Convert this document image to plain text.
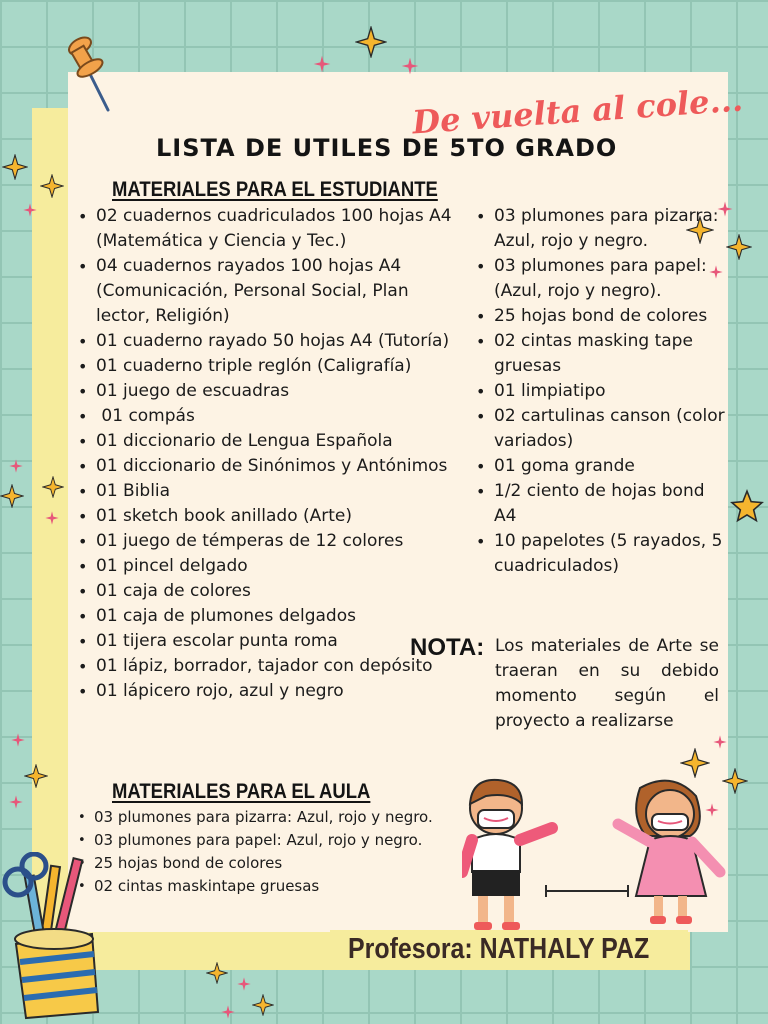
De vuelta al cole...
LISTA DE UTILES DE 5TO GRADO
MATERIALES PARA EL ESTUDIANTE
• 02 cuadernos cuadriculados 100 hojas A4 (Matemática y Ciencia y Tec.)
• 04 cuadernos rayados 100 hojas A4 (Comunicación, Personal Social, Plan lector, Religión)
• 01 cuaderno rayado 50 hojas A4 (Tutoría)
• 01 cuaderno triple reglón (Caligrafía)
• 01 juego de escuadras
•  01 compás
• 01 diccionario de Lengua Española
• 01 diccionario de Sinónimos y Antónimos
• 01 Biblia
• 01 sketch book anillado (Arte)
• 01 juego de témperas de 12 colores
• 01 pincel delgado
• 01 caja de colores
• 01 caja de plumones delgados
• 01 tijera escolar punta roma
• 01 lápiz, borrador, tajador con depósito
• 01 lápicero rojo, azul y negro
• 03 plumones para pizarra: Azul, rojo y negro.
• 03 plumones para papel: (Azul, rojo y negro).
• 25 hojas bond de colores
• 02 cintas masking tape gruesas
• 01 limpiatipo
• 02 cartulinas canson (color variados)
• 01 goma grande
• 1/2 ciento de hojas bond A4
• 10 papelotes (5 rayados, 5 cuadriculados)

NOTA: Los materiales de Arte se traeran en su debido momento según el proyecto a realizarse

MATERIALES PARA EL AULA
• 03 plumones para pizarra: Azul, rojo y negro.
• 03 plumones para papel: Azul, rojo y negro.
• 25 hojas bond de colores
• 02 cintas maskintape gruesas

Profesora: NATHALY PAZ
